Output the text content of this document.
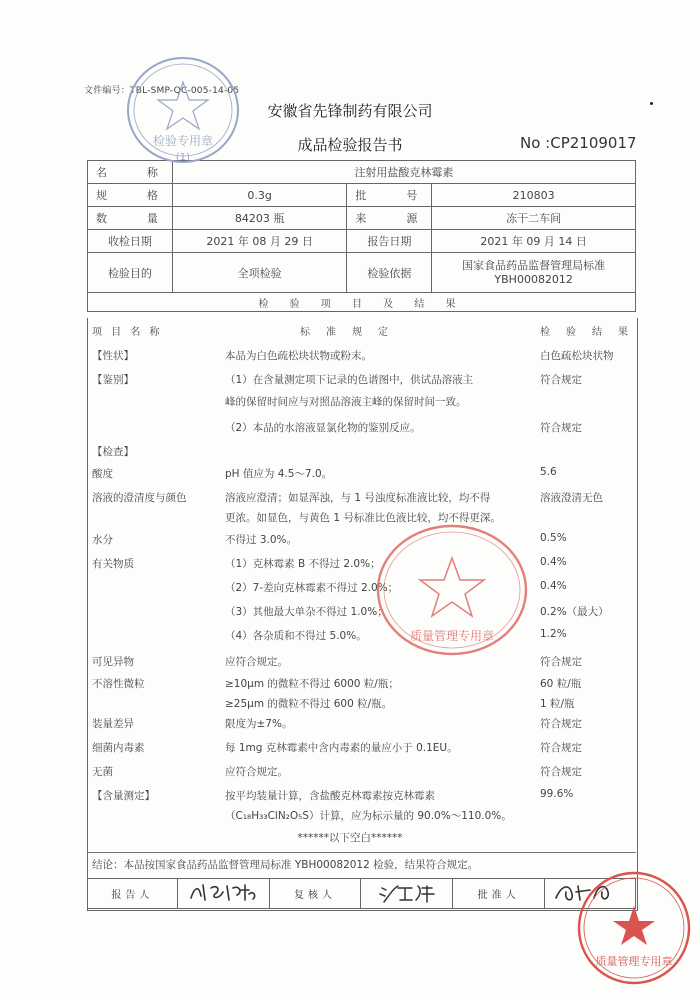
文件编号：TBL-SMP-QC-005-14-05
安徽省先锋制药有限公司
成品检验报告书	No :CP2109017
名　　称	注射用盐酸克林霉素		
规　　格	0.3g	批　　号	210803
数　　量	84203 瓶	来　　源	冻干二车间
收检日期	2021 年 08 月 29 日	报告日期	2021 年 09 月 14 日
检验目的	全项检验	检验依据	国家食品药品监督管理局标准
YBH00082012

检 验 项 目 及 结 果			
项 目 名 称	标　准　规　定	检　验　结　果
【性状】	本品为白色疏松块状物或粉末。	白色疏松块状物
【鉴别】	（1）在含量测定项下记录的色谱图中，供试品溶液主	符合规定
峰的保留时间应与对照品溶液主峰的保留时间一致。
（2）本品的水溶液显氯化物的鉴别反应。	符合规定
【检查】
酸度	pH 值应为 4.5～7.0。	5.6
溶液的澄清度与颜色	溶液应澄清；如显浑浊，与 1 号浊度标准液比较，均不得	溶液澄清无色
更浓。如显色，与黄色 1 号标准比色液比较，均不得更深。
水分	不得过 3.0%。	0.5%
有关物质	（1）克林霉素 B 不得过 2.0%；	0.4%
（2）7-差向克林霉素不得过 2.0%；	0.4%
（3）其他最大单杂不得过 1.0%；	0.2%（最大）
（4）各杂质和不得过 5.0%。	1.2%
可见异物	应符合规定。	符合规定
不溶性微粒	≥10μm 的微粒不得过 6000 粒/瓶；	60 粒/瓶
≥25μm 的微粒不得过 600 粒/瓶。	1 粒/瓶
装量差异	限度为±7%。	符合规定
细菌内毒素	每 1mg 克林霉素中含内毒素的量应小于 0.1EU。	符合规定
无菌	应符合规定。	符合规定
【含量测定】	按平均装量计算，含盐酸克林霉素按克林霉素	99.6%
（C₁₈H₃₃ClN₂O₅S）计算，应为标示量的 90.0%～110.0%。
******以下空白******
结论：本品按国家食品药品监督管理局标准 YBH00082012 检验，结果符合规定。
报告人		复核人		批准人	
检验专用章
(1)
质量管理专用章
质量管理专用章
